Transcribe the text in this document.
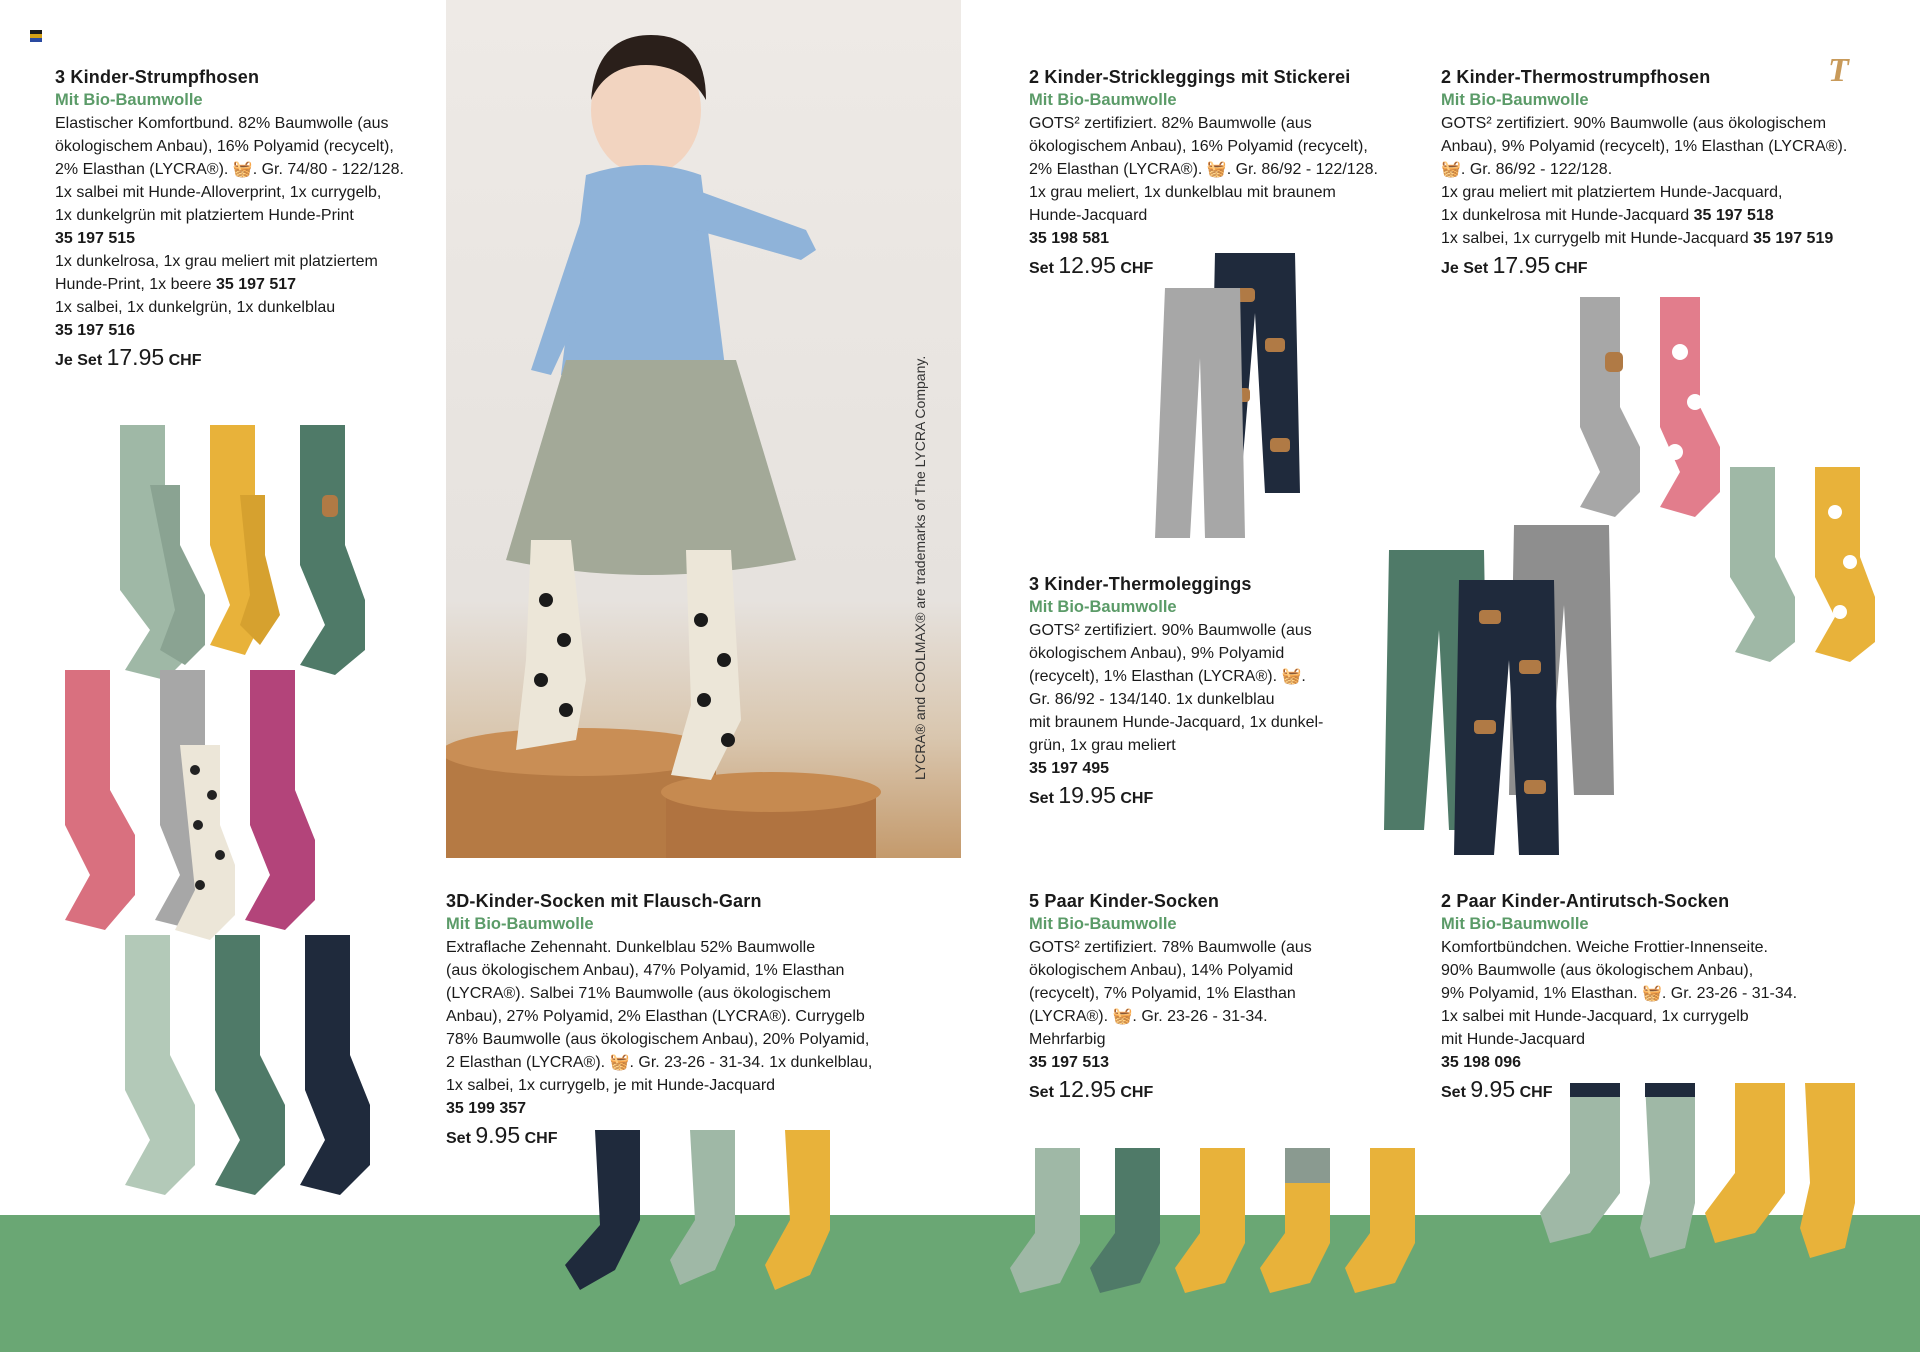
T
3 Kinder-Strumpfhosen
Mit Bio-Baumwolle

Elastischer Komfortbund. 82% Baumwolle (aus

ökologischem Anbau), 16% Polyamid (recycelt),

2% Elasthan (LYCRA®). 🧺. Gr. 74/80 - 122/128.

1x salbei mit Hunde-Alloverprint, 1x currygelb,

1x dunkelgrün mit platziertem Hunde-Print

35 197 515

1x dunkelrosa, 1x grau meliert mit platziertem

Hunde-Print, 1x beere 35 197 517

1x salbei, 1x dunkelgrün, 1x dunkelblau

35 197 516

Je Set 17.95 CHF	LYCRA® and COOLMAX® are trademarks of The LYCRA Company.
2 Kinder-Strickleggings mit Stickerei
Mit Bio-Baumwolle

GOTS² zertifiziert. 82% Baumwolle (aus

ökologischem Anbau), 16% Polyamid (recycelt),

2% Elasthan (LYCRA®). 🧺. Gr. 86/92 - 122/128.

1x grau meliert, 1x dunkelblau mit braunem

Hunde-Jacquard

35 198 581

Set 12.95 CHF
2 Kinder-Thermostrumpfhosen
Mit Bio-Baumwolle

GOTS² zertifiziert. 90% Baumwolle (aus ökologischem

Anbau), 9% Polyamid (recycelt), 1% Elasthan (LYCRA®).

🧺. Gr. 86/92 - 122/128.

1x grau meliert mit platziertem Hunde-Jacquard,

1x dunkelrosa mit Hunde-Jacquard 35 197 518

1x salbei, 1x currygelb mit Hunde-Jacquard 35 197 519

Je Set 17.95 CHF
3 Kinder-Thermoleggings
Mit Bio-Baumwolle

GOTS² zertifiziert. 90% Baumwolle (aus

ökologischem Anbau), 9% Polyamid

(recycelt), 1% Elasthan (LYCRA®). 🧺.

Gr. 86/92 - 134/140. 1x dunkelblau

mit braunem Hunde-Jacquard, 1x dunkel-

grün, 1x grau meliert

35 197 495

Set 19.95 CHF
3D-Kinder-Socken mit Flausch-Garn
Mit Bio-Baumwolle

Extraflache Zehennaht. Dunkelblau 52% Baumwolle

(aus ökologischem Anbau), 47% Polyamid, 1% Elasthan

(LYCRA®). Salbei 71% Baumwolle (aus ökologischem

Anbau), 27% Polyamid, 2% Elasthan (LYCRA®). Currygelb

78% Baumwolle (aus ökologischem Anbau), 20% Polyamid,

2 Elasthan (LYCRA®). 🧺. Gr. 23-26 - 31-34. 1x dunkelblau,

1x salbei, 1x currygelb, je mit Hunde-Jacquard

35 199 357

Set 9.95 CHF
5 Paar Kinder-Socken
Mit Bio-Baumwolle

GOTS² zertifiziert. 78% Baumwolle (aus

ökologischem Anbau), 14% Polyamid

(recycelt), 7% Polyamid, 1% Elasthan

(LYCRA®). 🧺. Gr. 23-26 - 31-34.

Mehrfarbig

35 197 513

Set 12.95 CHF
2 Paar Kinder-Antirutsch-Socken
Mit Bio-Baumwolle

Komfortbündchen. Weiche Frottier-Innenseite.

90% Baumwolle (aus ökologischem Anbau),

9% Polyamid, 1% Elasthan. 🧺. Gr. 23-26 - 31-34.

1x salbei mit Hunde-Jacquard, 1x currygelb

mit Hunde-Jacquard

35 198 096

Set 9.95 CHF
